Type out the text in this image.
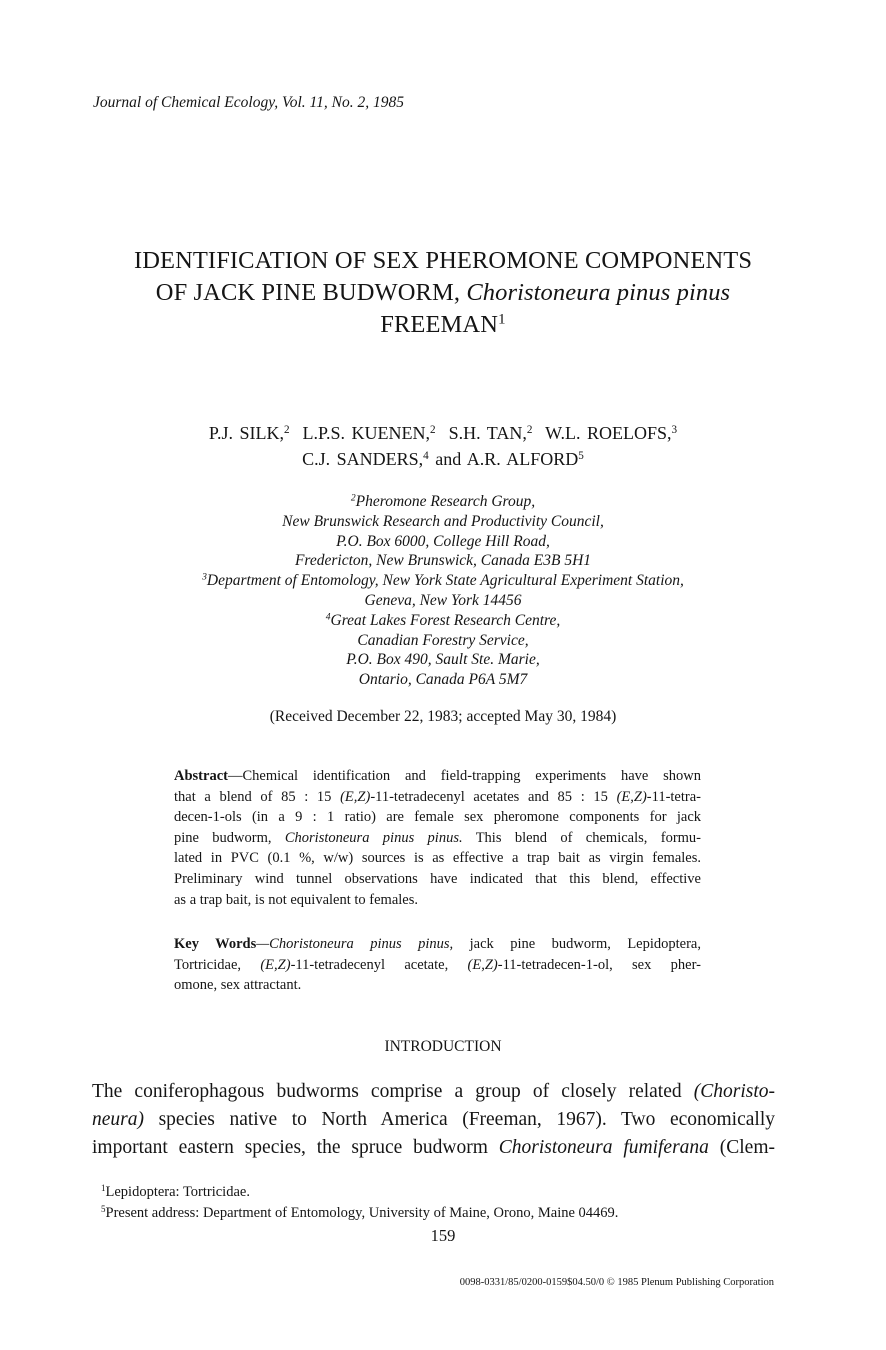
Journal of Chemical Ecology, Vol. 11, No. 2, 1985
IDENTIFICATION OF SEX PHEROMONE COMPONENTS
OF JACK PINE BUDWORM, Choristoneura pinus pinus
FREEMAN$^1$
P.J. SILK,$^2$ L.P.S. KUENEN,$^2$ S.H. TAN,$^2$ W.L. ROELOFS,$^3$
C.J. SANDERS,$^4$ and A.R. ALFORD$^5$
$^2$Pheromone Research Group,
New Brunswick Research and Productivity Council,
P.O. Box 6000, College Hill Road,
Fredericton, New Brunswick, Canada E3B 5H1
$^3$Department of Entomology, New York State Agricultural Experiment Station,
Geneva, New York 14456
$^4$Great Lakes Forest Research Centre,
Canadian Forestry Service,
P.O. Box 490, Sault Ste. Marie,
Ontario, Canada P6A 5M7
(Received December 22, 1983; accepted May 30, 1984)
Abstract—Chemical identification and field-trapping experiments have shown
that a blend of 85 : 15 (E,Z)-11-tetradecenyl acetates and 85 : 15 (E,Z)-11-tetra-
decen-1-ols (in a 9 : 1 ratio) are female sex pheromone components for jack
pine budworm, Choristoneura pinus pinus. This blend of chemicals, formu-
lated in PVC (0.1 %, w/w) sources is as effective a trap bait as virgin females.
Preliminary wind tunnel observations have indicated that this blend, effective
as a trap bait, is not equivalent to females.
Key Words—Choristoneura pinus pinus, jack pine budworm, Lepidoptera,
Tortricidae, (E,Z)-11-tetradecenyl acetate, (E,Z)-11-tetradecen-1-ol, sex pher-
omone, sex attractant.
INTRODUCTION
The coniferophagous budworms comprise a group of closely related (Choristo-
neura) species native to North America (Freeman, 1967). Two economically
important eastern species, the spruce budworm Choristoneura fumiferana (Clem-
$^1$Lepidoptera: Tortricidae.
$^5$Present address: Department of Entomology, University of Maine, Orono, Maine 04469.
159
0098-0331/85/0200-0159$04.50/0 © 1985 Plenum Publishing Corporation
